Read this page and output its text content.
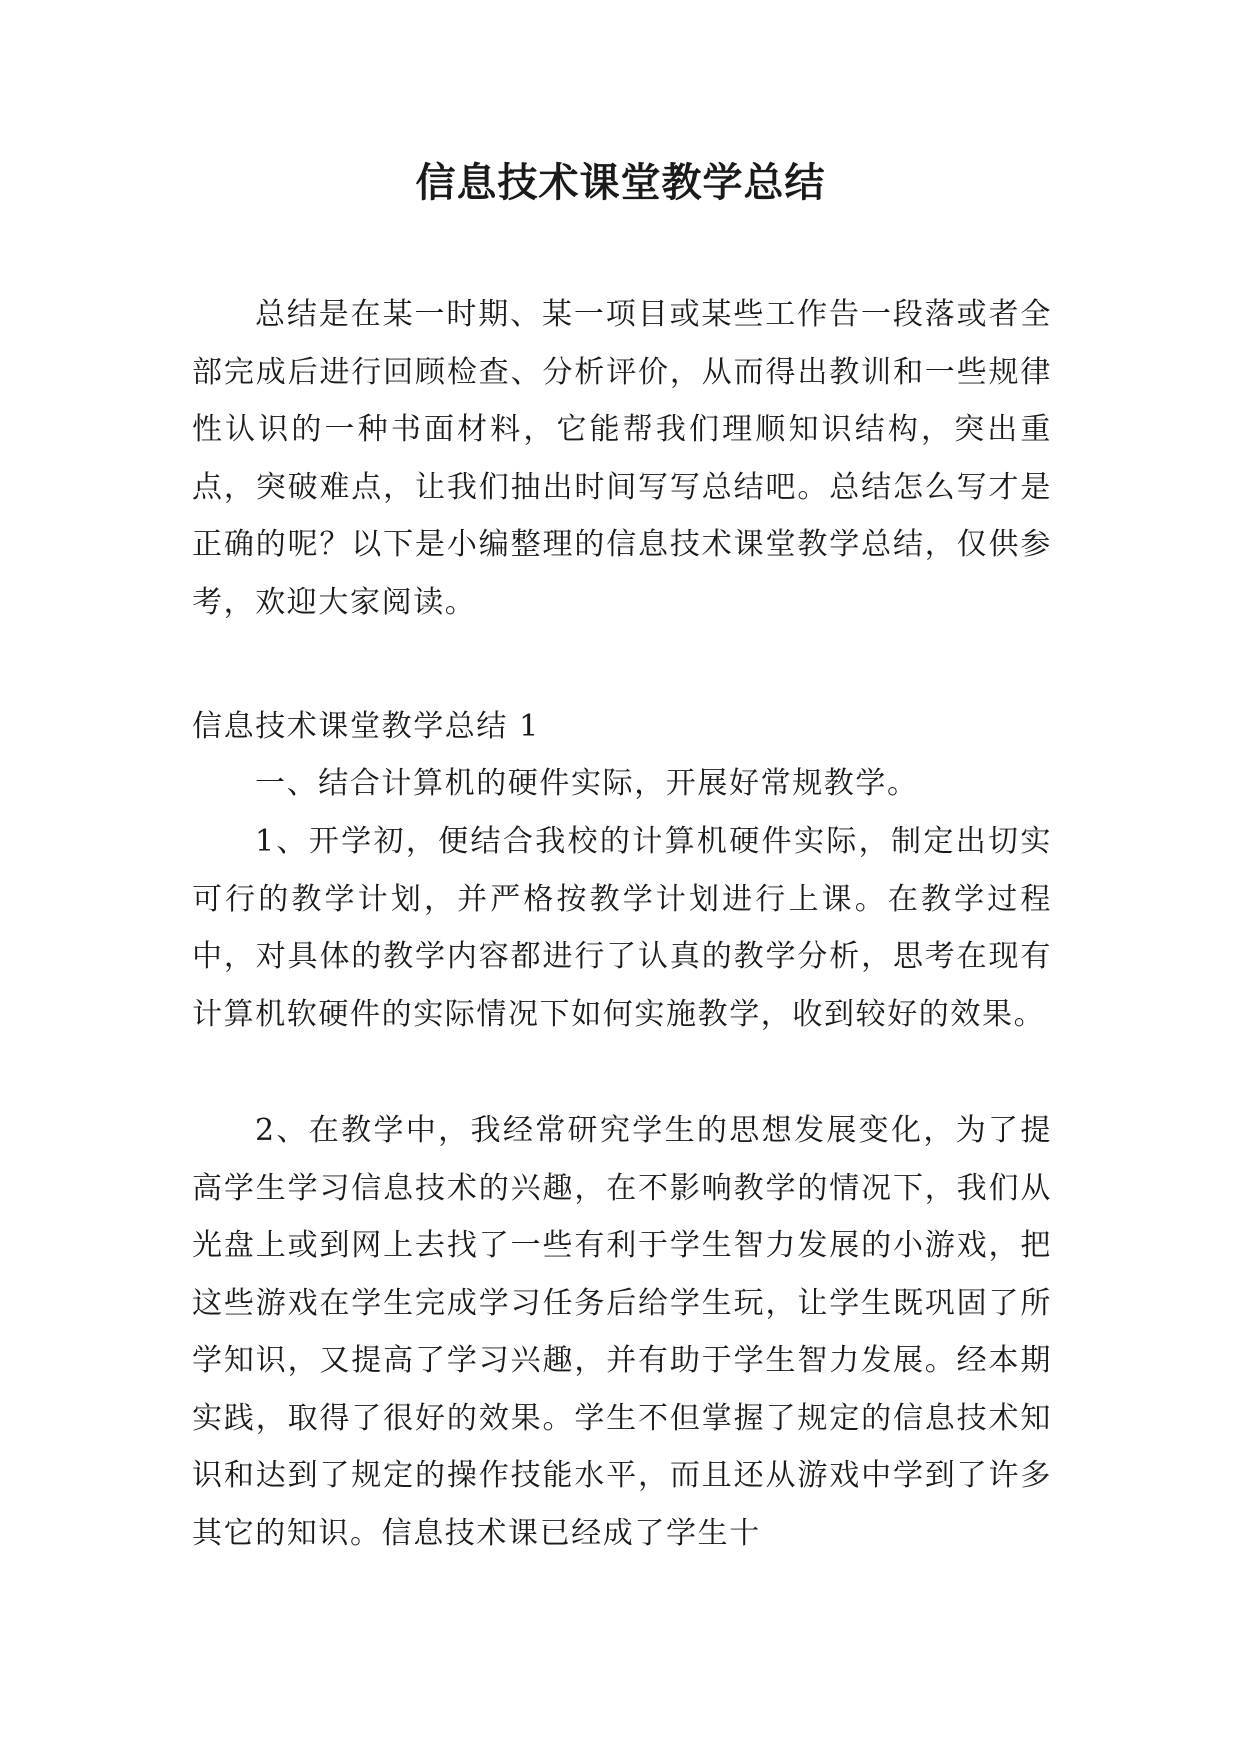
信息技术课堂教学总结

总结是在某一时期、某一项目或某些工作告一段落或者全部完成后进行回顾检查、分析评价，从而得出教训和一些规律性认识的一种书面材料，它能帮我们理顺知识结构，突出重点，突破难点，让我们抽出时间写写总结吧。总结怎么写才是正确的呢？以下是小编整理的信息技术课堂教学总结，仅供参考，欢迎大家阅读。

信息技术课堂教学总结 1

一、结合计算机的硬件实际，开展好常规教学。

1、开学初，便结合我校的计算机硬件实际，制定出切实可行的教学计划，并严格按教学计划进行上课。在教学过程中，对具体的教学内容都进行了认真的教学分析，思考在现有计算机软硬件的实际情况下如何实施教学，收到较好的效果。

2、在教学中，我经常研究学生的思想发展变化，为了提高学生学习信息技术的兴趣，在不影响教学的情况下，我们从光盘上或到网上去找了一些有利于学生智力发展的小游戏，把这些游戏在学生完成学习任务后给学生玩，让学生既巩固了所学知识，又提高了学习兴趣，并有助于学生智力发展。经本期实践，取得了很好的效果。学生不但掌握了规定的信息技术知识和达到了规定的操作技能水平，而且还从游戏中学到了许多其它的知识。信息技术课已经成了学生十
